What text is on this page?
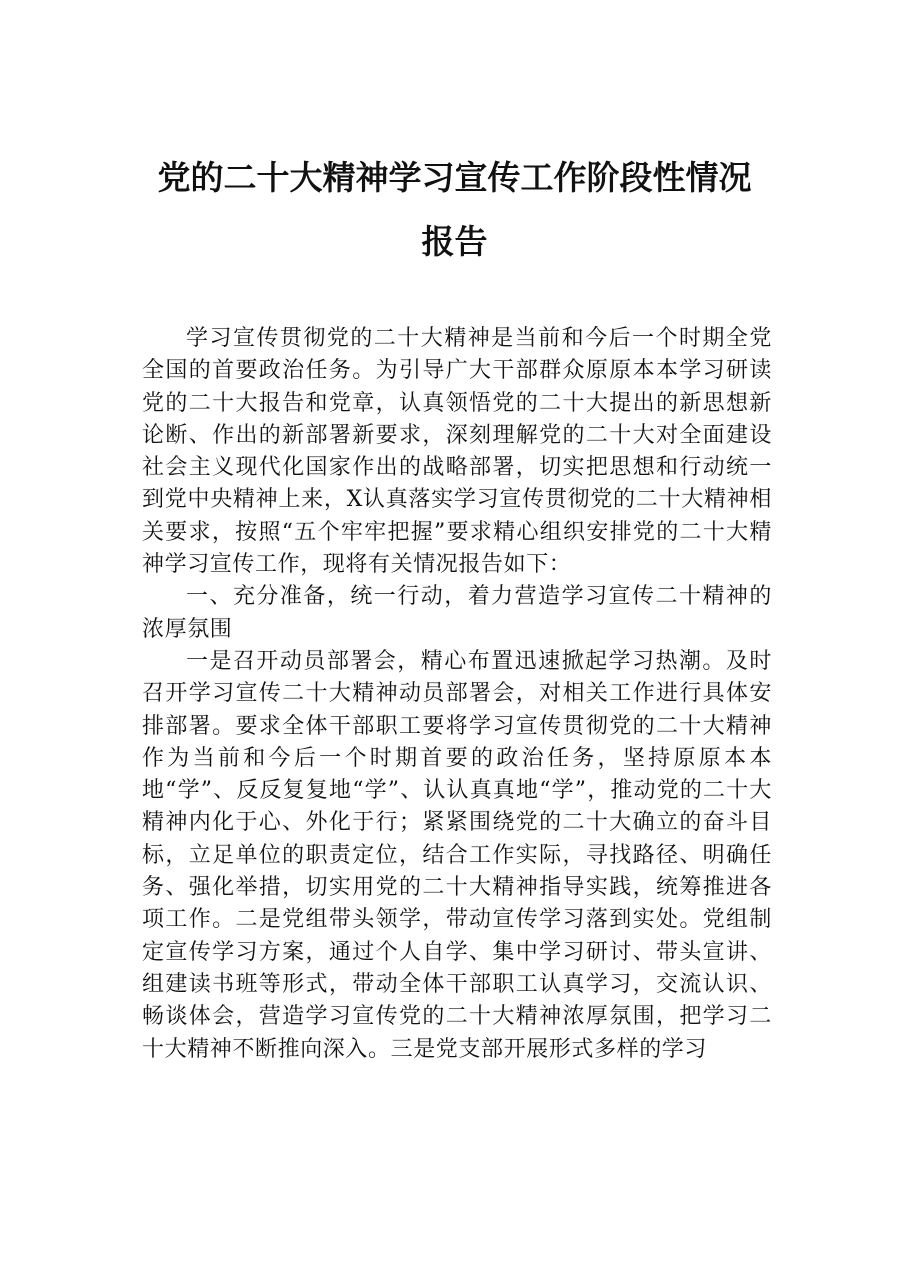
党的二十大精神学习宣传工作阶段性情况

报告

学习宣传贯彻党的二十大精神是当前和今后一个时期全党全国的首要政治任务。为引导广大干部群众原原本本学习研读党的二十大报告和党章，认真领悟党的二十大提出的新思想新论断、作出的新部署新要求，深刻理解党的二十大对全面建设社会主义现代化国家作出的战略部署，切实把思想和行动统一到党中央精神上来，X认真落实学习宣传贯彻党的二十大精神相关要求，按照“五个牢牢把握”要求精心组织安排党的二十大精神学习宣传工作，现将有关情况报告如下：

一、充分准备，统一行动，着力营造学习宣传二十精神的浓厚氛围

一是召开动员部署会，精心布置迅速掀起学习热潮。及时召开学习宣传二十大精神动员部署会，对相关工作进行具体安排部署。要求全体干部职工要将学习宣传贯彻党的二十大精神作为当前和今后一个时期首要的政治任务，坚持原原本本地“学”、反反复复地“学”、认认真真地“学”，推动党的二十大精神内化于心、外化于行；紧紧围绕党的二十大确立的奋斗目标，立足单位的职责定位，结合工作实际，寻找路径、明确任务、强化举措，切实用党的二十大精神指导实践，统筹推进各项工作。二是党组带头领学，带动宣传学习落到实处。党组制定宣传学习方案，通过个人自学、集中学习研讨、带头宣讲、组建读书班等形式，带动全体干部职工认真学习，交流认识、畅谈体会，营造学习宣传党的二十大精神浓厚氛围，把学习二十大精神不断推向深入。三是党支部开展形式多样的学习
